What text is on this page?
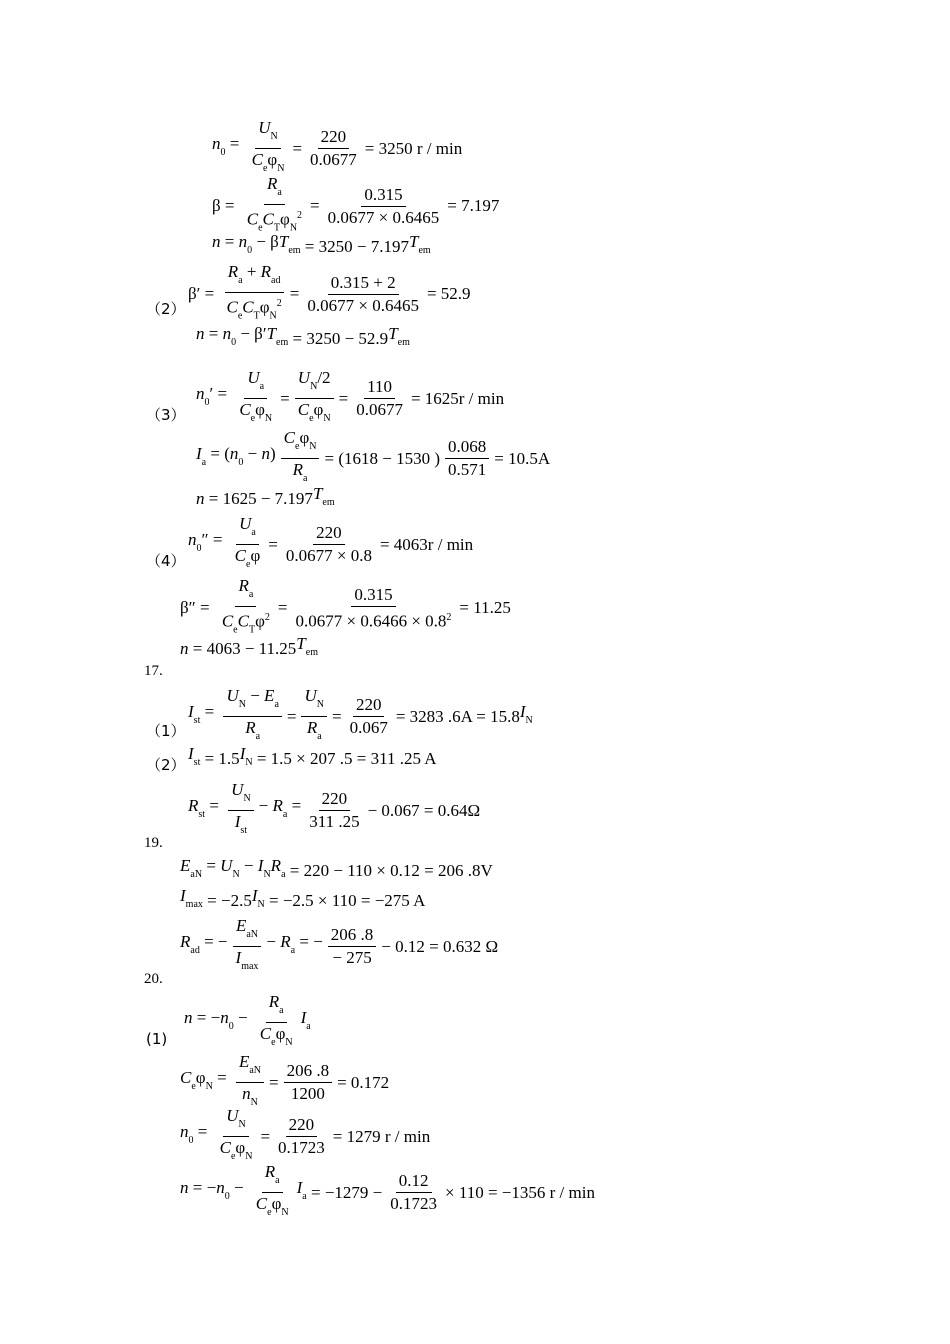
$n_0 = \frac{U_N}{C_e\varphi_N} = \frac{220}{0.0677} = 3250$ r / min
$\beta = \frac{R_a}{C_eC_T\varphi_N^2} = \frac{0.315}{0.0677 \times 0.6465} = 7.197$
$n = n_0 - \beta T_{em} = 3250 - 7.197$ $T_{em}$
（2）
$\beta' = \frac{R_a + R_{ad}}{C_eC_T\varphi_N^2} = \frac{0.315 + 2}{0.0677 \times 0.6465} = 52.9$
$n = n_0 - \beta'T_{em} = 3250 - 52.9$ $T_{em}$
（3）
$n_0' = \frac{U_a}{C_e\varphi_N} = \frac{U_N/2}{C_e\varphi_N} = \frac{110}{0.0677} = 1625r / \min$
$I_a = (n_0 - n) \frac{C_e\varphi_N}{R_a} = (1618 - 1530$ ) $\frac{0.068}{0.571} = 10.5A$
n = 1625 − 7.197 $T_{em}$
（4）
$n_0'' = \frac{U_a}{C_e\varphi} = \frac{220}{0.0677 \times 0.8} = 4063r / \min$
$\beta'' = \frac{R_a}{C_eC_T\varphi^2} = \frac{0.315}{0.0677 \times 0.6466 \times 0.8^2} = 11.25$
n = 4063 − 11.25 $T_{em}$
17.
（1）
$I_{st} = \frac{U_N - E_a}{R_a} = \frac{U_N}{R_a} = \frac{220}{0.067} = 3283$ .6A = 15.8 $I_N$
（2）
$I_{st} = 1.5$ $I_N = 1.5 \times 207$ .5 = 311 .25 A
$R_{st} = \frac{U_N}{I_{st}} - R_a = \frac{220}{311 .25} - 0.067 = 0.64\Omega$
19.
$E_{aN} = U_N - I_NR_a = 220 - 110 \times 0.12 = 206$ .8V
$I_{max} = -2.5$ $I_N = -2.5 \times 110 = -275$ A
$R_{ad}$ = − $\frac{E_{aN}}{I_{max}} - R_a$ = − $\frac{206 .8}{- 275} - 0.12 = 0.632$ Ω
20.
(1)
$n = -n_0 - \frac{R_a}{C_e\varphi_N} I_a$
$C_e\varphi_N = \frac{E_{aN}}{n_N} = \frac{206 .8}{1200} = 0.172$
$n_0 = \frac{U_N}{C_e\varphi_N} = \frac{220}{0.1723} = 1279$ r / min
$n = -n_0 - \frac{R_a}{C_e\varphi_N} I_a = -1279 - \frac{0.12}{0.1723} \times 110 = -1356$ r / min
